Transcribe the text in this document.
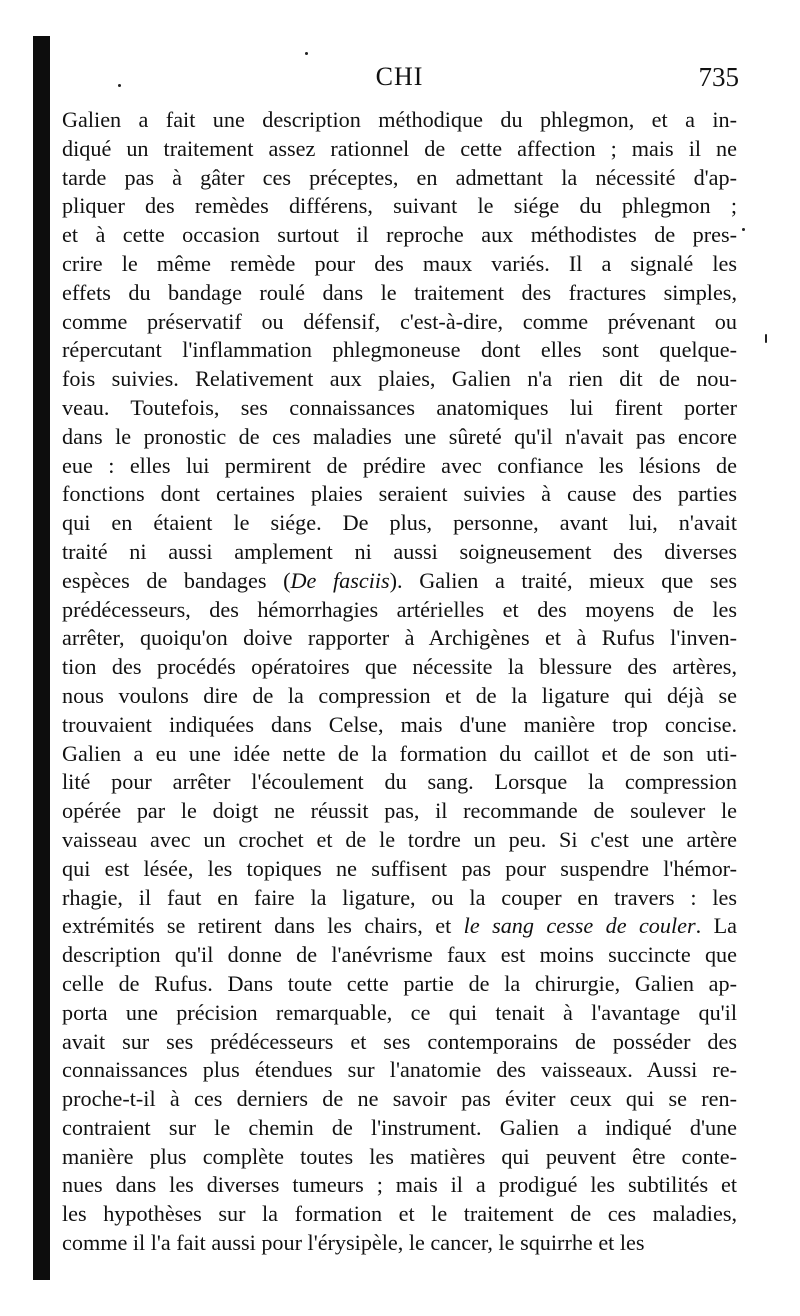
CHI	735
Galien a fait une description méthodique du phlegmon, et a in-
diqué un traitement assez rationnel de cette affection ; mais il ne
tarde pas à gâter ces préceptes, en admettant la nécessité d'ap-
pliquer des remèdes différens, suivant le siége du phlegmon ;
et à cette occasion surtout il reproche aux méthodistes de pres-
crire le même remède pour des maux variés. Il a signalé les
effets du bandage roulé dans le traitement des fractures simples,
comme préservatif ou défensif, c'est-à-dire, comme prévenant ou
répercutant l'inflammation phlegmoneuse dont elles sont quelque-
fois suivies. Relativement aux plaies, Galien n'a rien dit de nou-
veau. Toutefois, ses connaissances anatomiques lui firent porter
dans le pronostic de ces maladies une sûreté qu'il n'avait pas encore
eue : elles lui permirent de prédire avec confiance les lésions de
fonctions dont certaines plaies seraient suivies à cause des parties
qui en étaient le siége. De plus, personne, avant lui, n'avait
traité ni aussi amplement ni aussi soigneusement des diverses
espèces de bandages (De fasciis). Galien a traité, mieux que ses
prédécesseurs, des hémorrhagies artérielles et des moyens de les
arrêter, quoiqu'on doive rapporter à Archigènes et à Rufus l'inven-
tion des procédés opératoires que nécessite la blessure des artères,
nous voulons dire de la compression et de la ligature qui déjà se
trouvaient indiquées dans Celse, mais d'une manière trop concise.
Galien a eu une idée nette de la formation du caillot et de son uti-
lité pour arrêter l'écoulement du sang. Lorsque la compression
opérée par le doigt ne réussit pas, il recommande de soulever le
vaisseau avec un crochet et de le tordre un peu. Si c'est une artère
qui est lésée, les topiques ne suffisent pas pour suspendre l'hémor-
rhagie, il faut en faire la ligature, ou la couper en travers : les
extrémités se retirent dans les chairs, et le sang cesse de couler. La
description qu'il donne de l'anévrisme faux est moins succincte que
celle de Rufus. Dans toute cette partie de la chirurgie, Galien ap-
porta une précision remarquable, ce qui tenait à l'avantage qu'il
avait sur ses prédécesseurs et ses contemporains de posséder des
connaissances plus étendues sur l'anatomie des vaisseaux. Aussi re-
proche-t-il à ces derniers de ne savoir pas éviter ceux qui se ren-
contraient sur le chemin de l'instrument. Galien a indiqué d'une
manière plus complète toutes les matières qui peuvent être conte-
nues dans les diverses tumeurs ; mais il a prodigué les subtilités et
les hypothèses sur la formation et le traitement de ces maladies,
comme il l'a fait aussi pour l'érysipèle, le cancer, le squirrhe et les
